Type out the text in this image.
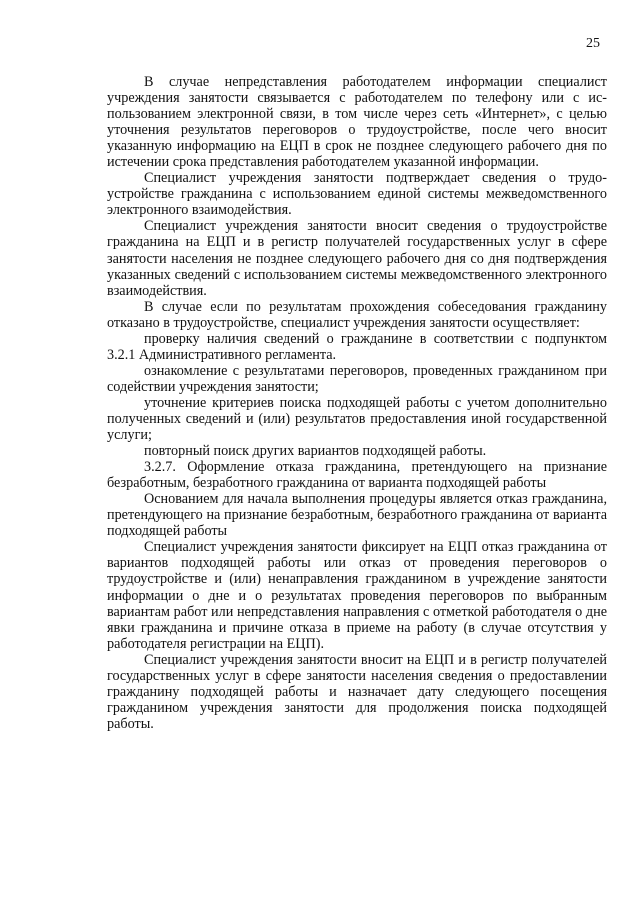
25

В случае непредставления работодателем информации специалист учреждения занятости связывается с работодателем по телефону или с использованием электронной связи, в том числе через сеть «Интернет», с целью уточнения результатов переговоров о трудоустройстве, после чего вносит указанную информацию на ЕЦП в срок не позднее следующего рабочего дня по истечении срока представления работодателем указанной информации.

Специалист учреждения занятости подтверждает сведения о трудоустройстве гражданина с использованием единой системы межведомственного электронного взаимодействия.

Специалист учреждения занятости вносит сведения о трудоустройстве гражданина на ЕЦП и в регистр получателей государственных услуг в сфере занятости населения не позднее следующего рабочего дня со дня подтверждения указанных сведений с использованием системы межведомственного электронного взаимодействия.

В случае если по результатам прохождения собеседования гражданину отказано в трудоустройстве, специалист учреждения занятости осуществляет:

проверку наличия сведений о гражданине в соответствии с подпунктом 3.2.1 Административного регламента.

ознакомление с результатами переговоров, проведенных гражданином при содействии учреждения занятости;

уточнение критериев поиска подходящей работы с учетом дополнительно полученных сведений и (или) результатов предоставления иной государственной услуги;

повторный поиск других вариантов подходящей работы.

3.2.7. Оформление отказа гражданина, претендующего на признание безработным, безработного гражданина от варианта подходящей работы

Основанием для начала выполнения процедуры является отказ гражданина, претендующего на признание безработным, безработного гражданина от варианта подходящей работы

Специалист учреждения занятости фиксирует на ЕЦП отказ гражданина от вариантов подходящей работы или отказ от проведения переговоров о трудоустройстве и (или) ненаправления гражданином в учреждение занятости информации о дне и о результатах проведения переговоров по выбранным вариантам работ или непредставления направления с отметкой работодателя о дне явки гражданина и причине отказа в приеме на работу (в случае отсутствия у работодателя регистрации на ЕЦП).

Специалист учреждения занятости вносит на ЕЦП и в регистр получателей государственных услуг в сфере занятости населения сведения о предоставлении гражданину подходящей работы и назначает дату следующего посещения гражданином учреждения занятости для продолжения поиска подходящей работы.
